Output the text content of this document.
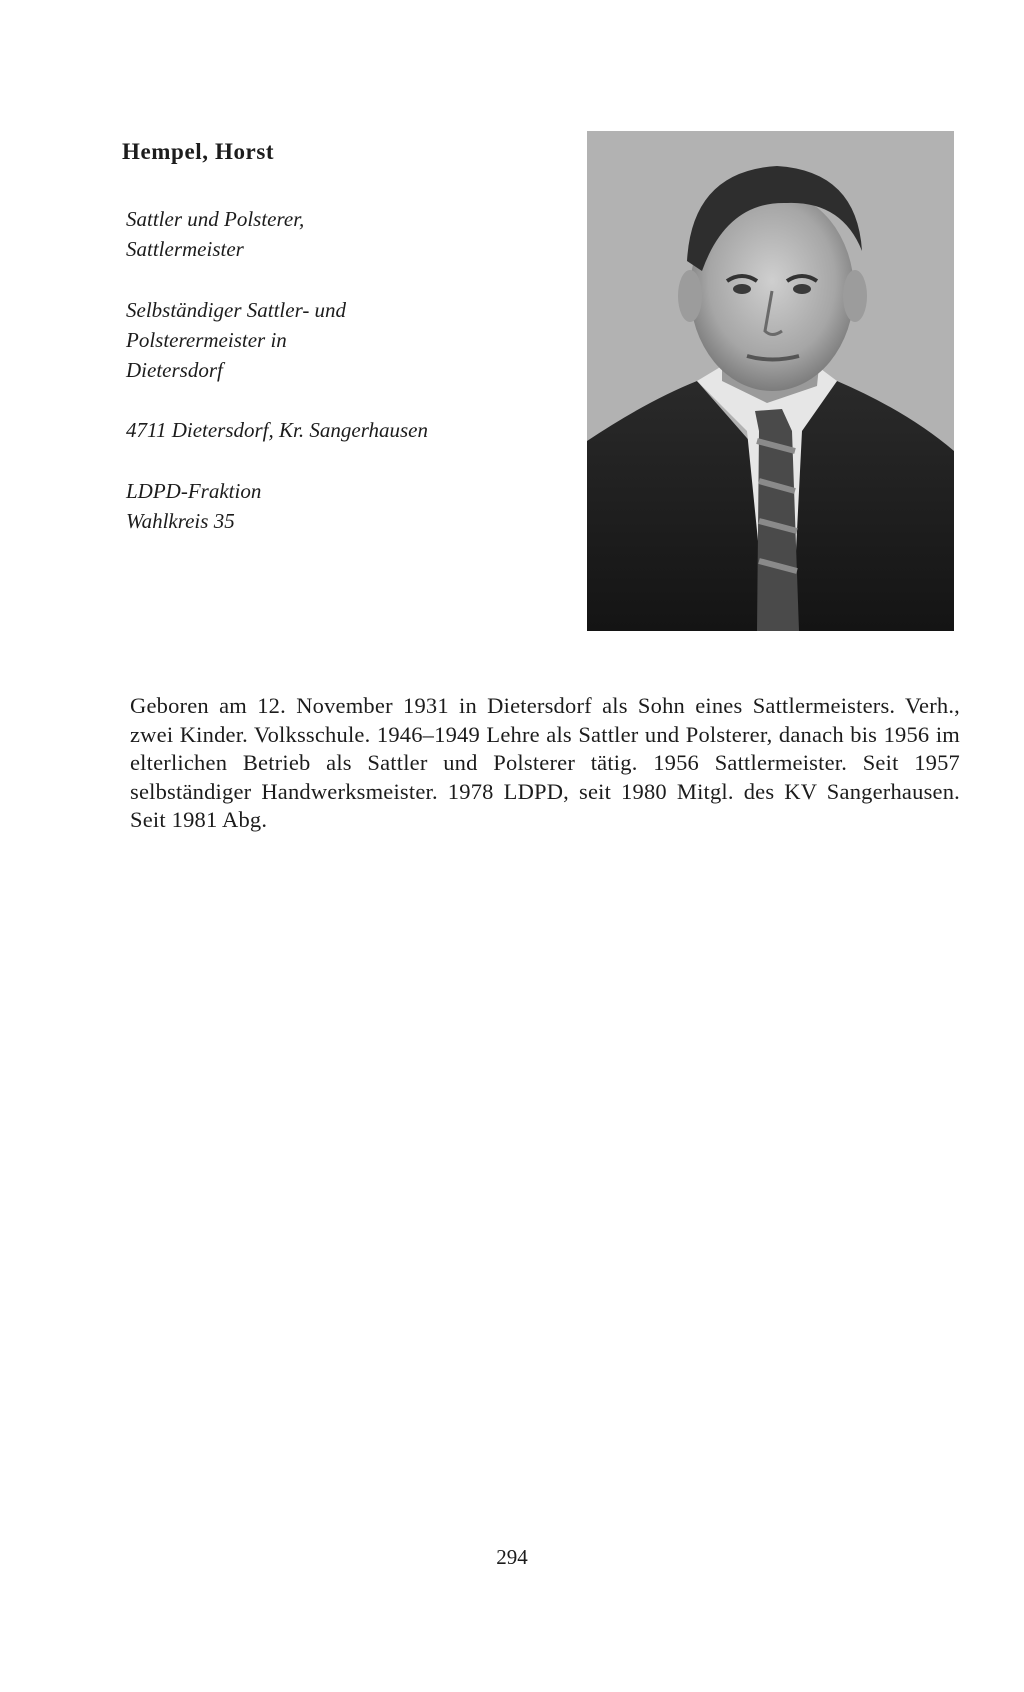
Hempel, Horst
Sattler und Polsterer,
Sattlermeister
Selbständiger Sattler- und
Polsterermeister in
Dietersdorf
4711 Dietersdorf, Kr. Sangerhausen
LDPD-Fraktion
Wahlkreis 35

Geboren am 12. November 1931 in Dietersdorf als Sohn eines Sattlermeisters. Verh., zwei Kinder. Volksschule. 1946–1949 Lehre als Sattler und Polsterer, danach bis 1956 im elterlichen Betrieb als Sattler und Polsterer tätig. 1956 Sattlermeister. Seit 1957 selbständiger Handwerksmeister. 1978 LDPD, seit 1980 Mitgl. des KV Sangerhausen. Seit 1981 Abg.

294
